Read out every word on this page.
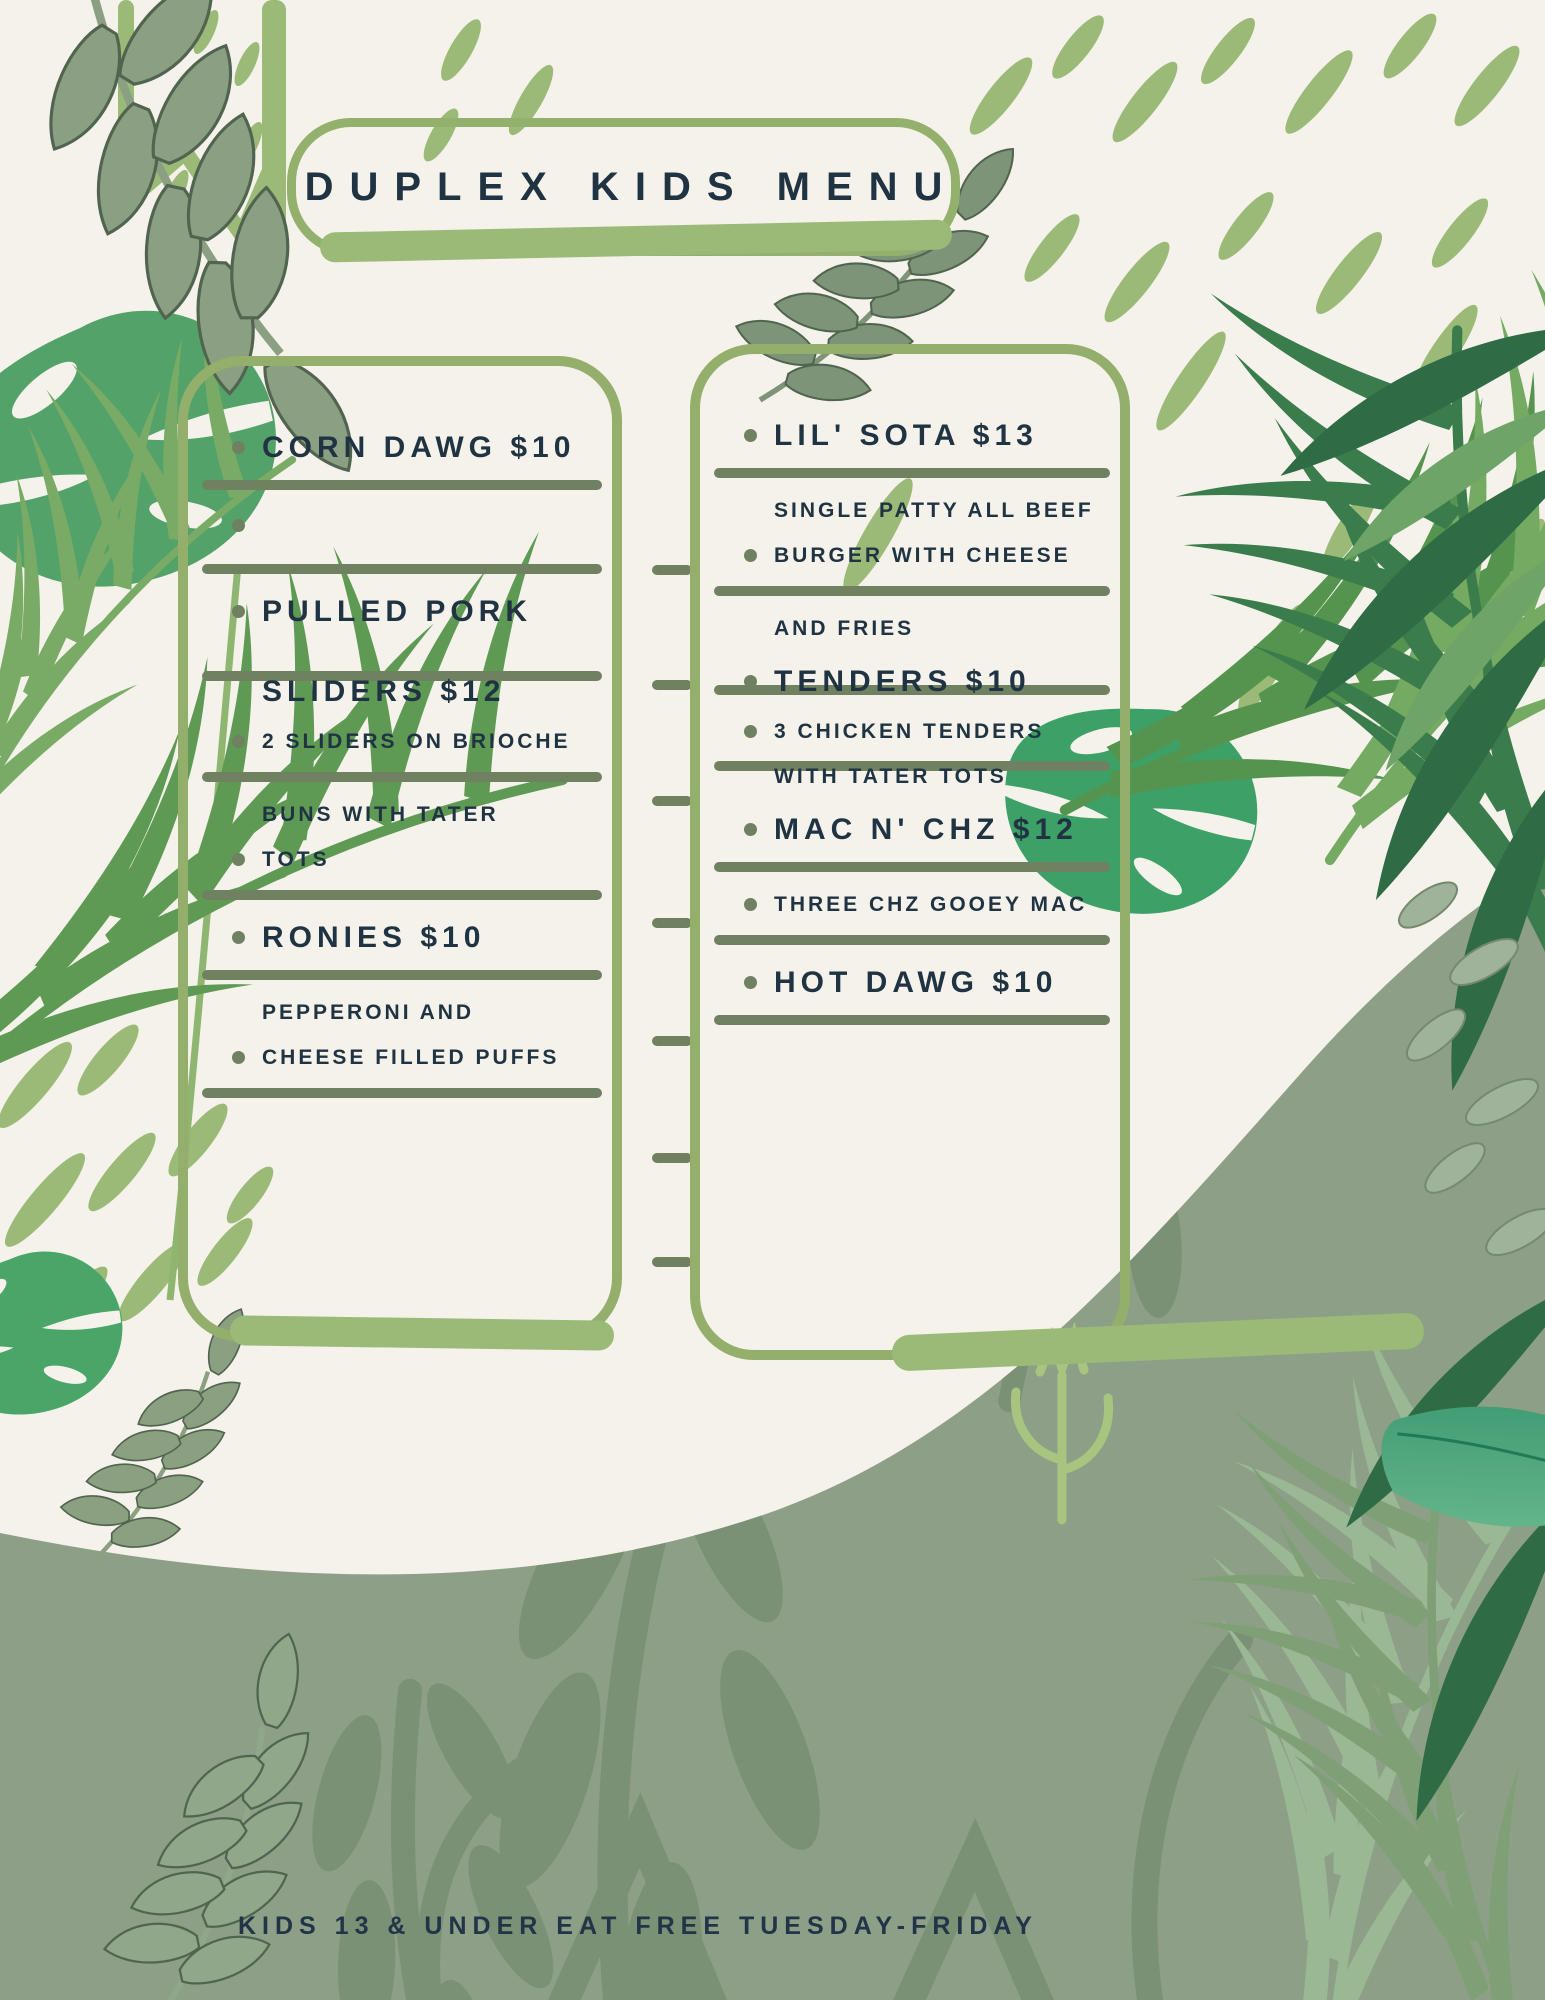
DUPLEX KIDS MENU
CORN DAWG $10
PULLED PORK
SLIDERS $12
2 SLIDERS ON BRIOCHE
BUNS WITH TATER
TOTS
RONIES $10
PEPPERONI AND
CHEESE FILLED PUFFS
LIL' SOTA $13
SINGLE PATTY ALL BEEF
BURGER WITH CHEESE
AND FRIES
TENDERS $10
3 CHICKEN TENDERS
WITH TATER TOTS
MAC N' CHZ $12
THREE CHZ GOOEY MAC
HOT DAWG $10
KIDS 13 & UNDER EAT FREE TUESDAY-FRIDAY
